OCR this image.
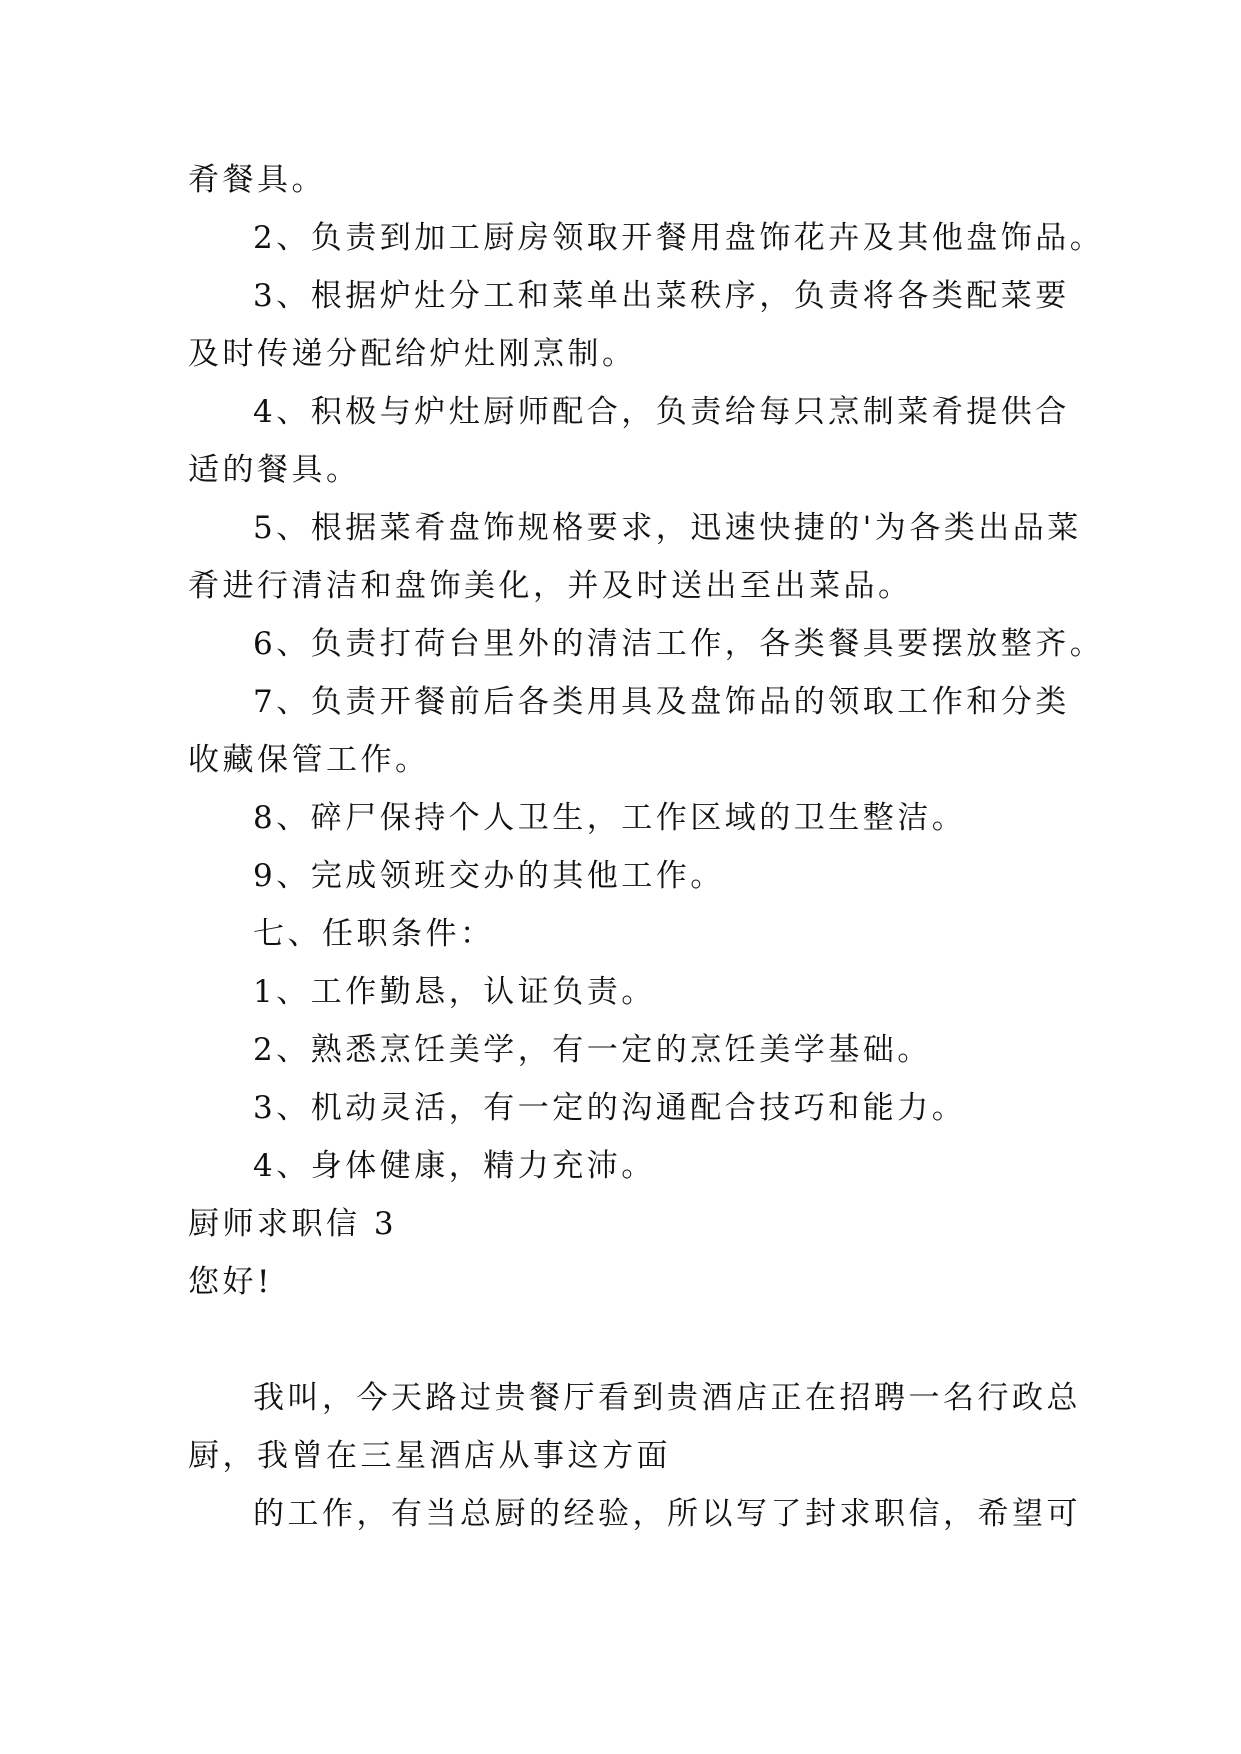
肴餐具。
2、负责到加工厨房领取开餐用盘饰花卉及其他盘饰品。
3、根据炉灶分工和菜单出菜秩序，负责将各类配菜要
及时传递分配给炉灶刚烹制。
4、积极与炉灶厨师配合，负责给每只烹制菜肴提供合
适的餐具。
5、根据菜肴盘饰规格要求，迅速快捷的'为各类出品菜
肴进行清洁和盘饰美化，并及时送出至出菜品。
6、负责打荷台里外的清洁工作，各类餐具要摆放整齐。
7、负责开餐前后各类用具及盘饰品的领取工作和分类
收藏保管工作。
8、碎尸保持个人卫生，工作区域的卫生整洁。
9、完成领班交办的其他工作。
七、任职条件：
1、工作勤恳，认证负责。
2、熟悉烹饪美学，有一定的烹饪美学基础。
3、机动灵活，有一定的沟通配合技巧和能力。
4、身体健康，精力充沛。
厨师求职信 3
您好!
我叫，今天路过贵餐厅看到贵酒店正在招聘一名行政总
厨，我曾在三星酒店从事这方面
的工作，有当总厨的经验，所以写了封求职信，希望可
